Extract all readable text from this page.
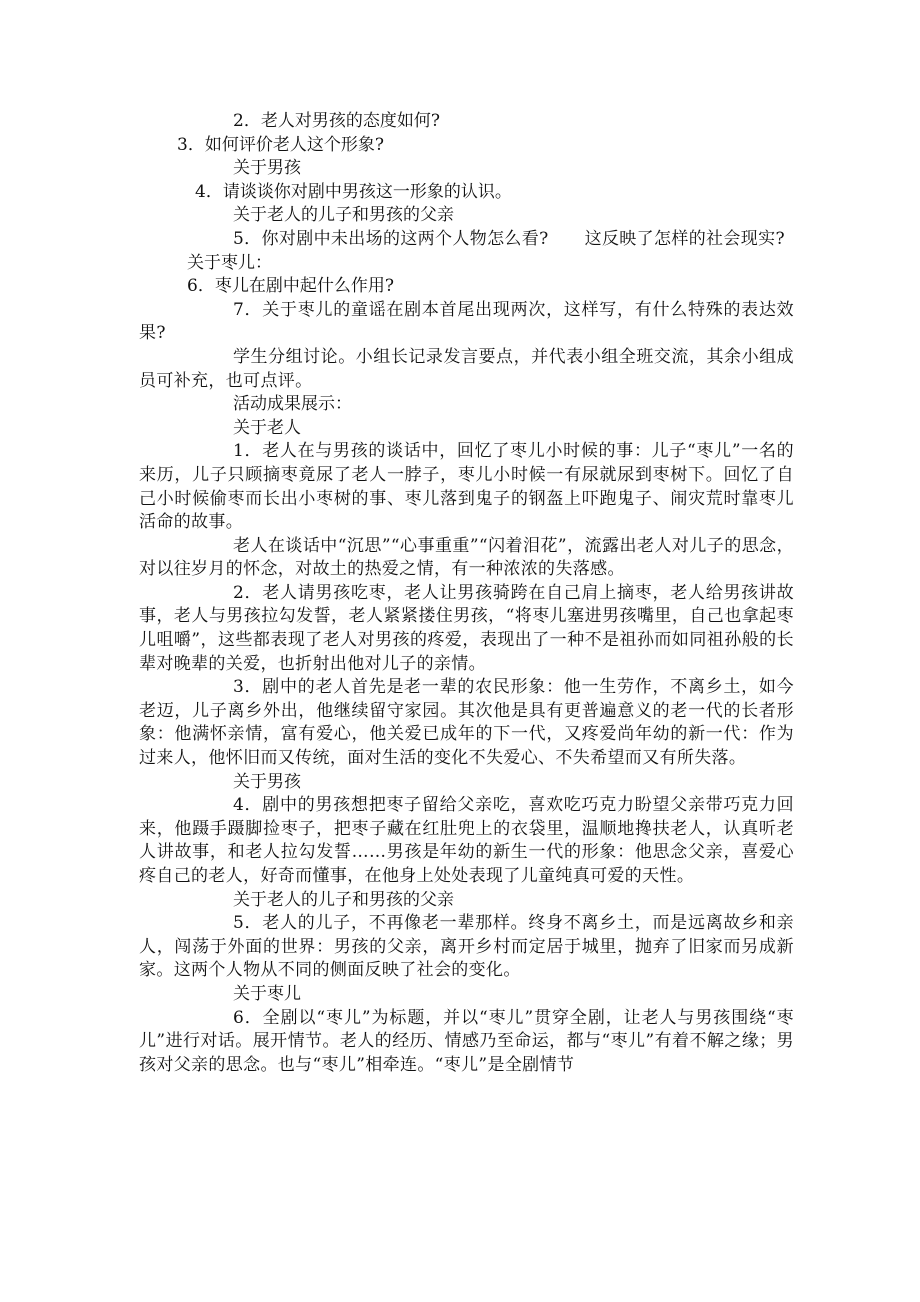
2．老人对男孩的态度如何?
3．如何评价老人这个形象?
关于男孩
4．请谈谈你对剧中男孩这一形象的认识。
关于老人的儿子和男孩的父亲
5．你对剧中未出场的这两个人物怎么看? 这反映了怎样的社会现实?
关于枣儿：
6．枣儿在剧中起什么作用?
7．关于枣儿的童谣在剧本首尾出现两次，这样写，有什么特殊的表达效果?
学生分组讨论。小组长记录发言要点，并代表小组全班交流，其余小组成员可补充，也可点评。
活动成果展示：
关于老人
1．老人在与男孩的谈话中，回忆了枣儿小时候的事：儿子“枣儿”一名的来历，儿子只顾摘枣竟尿了老人一脖子，枣儿小时候一有尿就尿到枣树下。回忆了自己小时候偷枣而长出小枣树的事、枣儿落到鬼子的钢盔上吓跑鬼子、闹灾荒时靠枣儿活命的故事。
老人在谈话中“沉思”“心事重重”“闪着泪花”，流露出老人对儿子的思念，对以往岁月的怀念，对故土的热爱之情，有一种浓浓的失落感。
2．老人请男孩吃枣，老人让男孩骑跨在自己肩上摘枣，老人给男孩讲故事，老人与男孩拉勾发誓，老人紧紧搂住男孩，“将枣儿塞进男孩嘴里，自己也拿起枣儿咀嚼”，这些都表现了老人对男孩的疼爱，表现出了一种不是祖孙而如同祖孙般的长辈对晚辈的关爱，也折射出他对儿子的亲情。
3．剧中的老人首先是老一辈的农民形象：他一生劳作，不离乡土，如今老迈，儿子离乡外出，他继续留守家园。其次他是具有更普遍意义的老一代的长者形象：他满怀亲情，富有爱心，他关爱已成年的下一代，又疼爱尚年幼的新一代：作为过来人，他怀旧而又传统，面对生活的变化不失爱心、不失希望而又有所失落。
关于男孩
4．剧中的男孩想把枣子留给父亲吃，喜欢吃巧克力盼望父亲带巧克力回来，他蹑手蹑脚捡枣子，把枣子藏在红肚兜上的衣袋里，温顺地搀扶老人，认真听老人讲故事，和老人拉勾发誓……男孩是年幼的新生一代的形象：他思念父亲，喜爱心疼自己的老人，好奇而懂事，在他身上处处表现了儿童纯真可爱的天性。
关于老人的儿子和男孩的父亲
5．老人的儿子，不再像老一辈那样。终身不离乡土，而是远离故乡和亲人，闯荡于外面的世界：男孩的父亲，离开乡村而定居于城里，抛弃了旧家而另成新家。这两个人物从不同的侧面反映了社会的变化。
关于枣儿
6．全剧以“枣儿”为标题，并以“枣儿”贯穿全剧，让老人与男孩围绕“枣儿”进行对话。展开情节。老人的经历、情感乃至命运，都与“枣儿”有着不解之缘；男孩对父亲的思念。也与“枣儿”相牵连。“枣儿”是全剧情节
